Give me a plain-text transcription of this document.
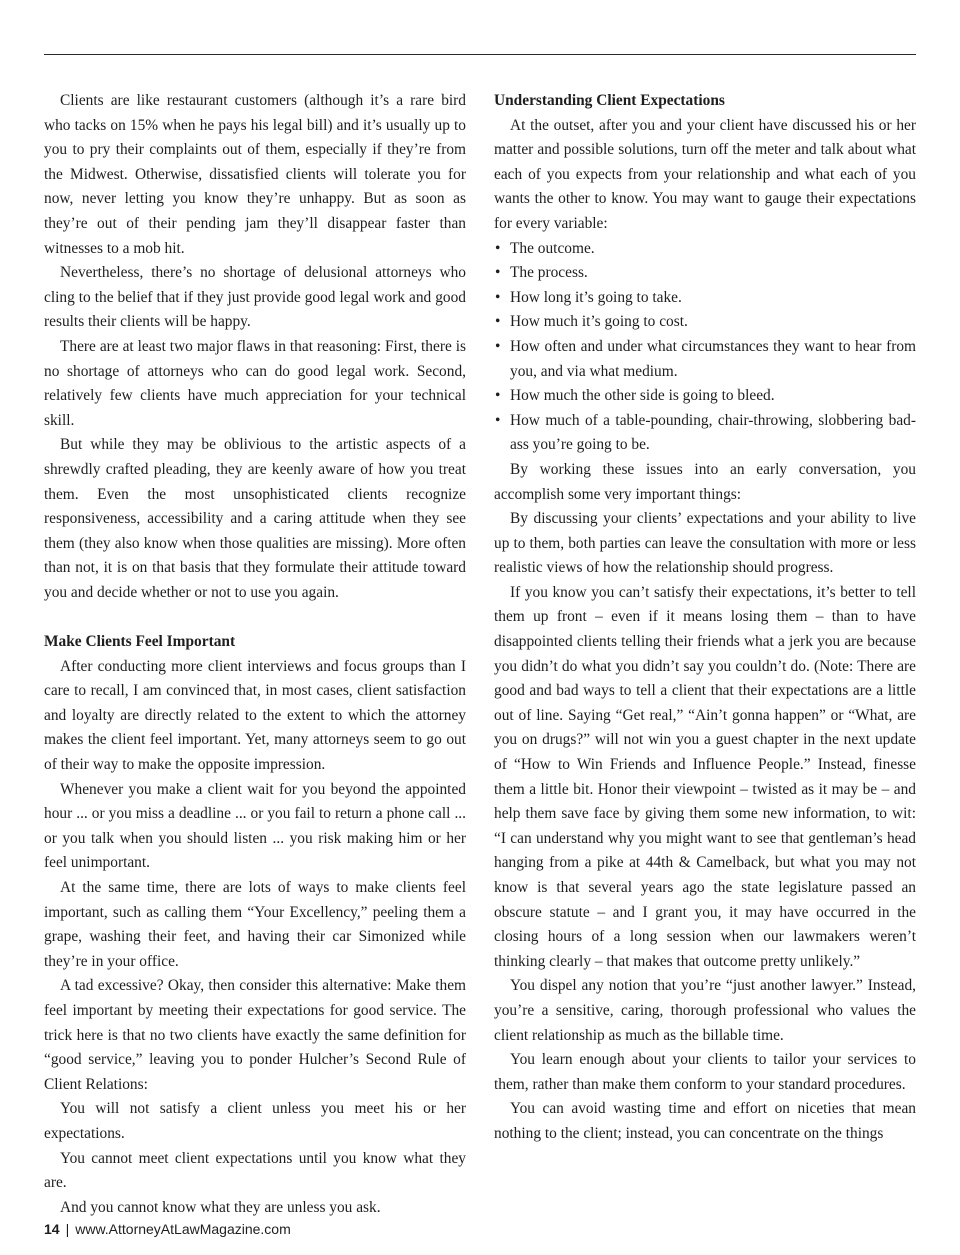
Clients are like restaurant customers (although it’s a rare bird who tacks on 15% when he pays his legal bill) and it’s usually up to you to pry their complaints out of them, especially if they’re from the Midwest. Otherwise, dissatisfied clients will tolerate you for now, never letting you know they’re unhappy. But as soon as they’re out of their pending jam they’ll disappear faster than witnesses to a mob hit.

Nevertheless, there’s no shortage of delusional attorneys who cling to the belief that if they just provide good legal work and good results their clients will be happy.

There are at least two major flaws in that reasoning: First, there is no shortage of attorneys who can do good legal work. Second, relatively few clients have much appreciation for your technical skill.

But while they may be oblivious to the artistic aspects of a shrewdly crafted pleading, they are keenly aware of how you treat them. Even the most unsophisticated clients recognize responsiveness, accessibility and a caring attitude when they see them (they also know when those qualities are missing). More often than not, it is on that basis that they formulate their attitude toward you and decide whether or not to use you again.

Make Clients Feel Important

After conducting more client interviews and focus groups than I care to recall, I am convinced that, in most cases, client satisfaction and loyalty are directly related to the extent to which the attorney makes the client feel important. Yet, many attorneys seem to go out of their way to make the opposite impression.

Whenever you make a client wait for you beyond the appointed hour ... or you miss a deadline ... or you fail to return a phone call ... or you talk when you should listen ... you risk making him or her feel unimportant.

At the same time, there are lots of ways to make clients feel important, such as calling them “Your Excellency,” peeling them a grape, washing their feet, and having their car Simonized while they’re in your office.

A tad excessive? Okay, then consider this alternative: Make them feel important by meeting their expectations for good service. The trick here is that no two clients have exactly the same definition for “good service,” leaving you to ponder Hulcher’s Second Rule of Client Relations:

You will not satisfy a client unless you meet his or her expectations.

You cannot meet client expectations until you know what they are.

And you cannot know what they are unless you ask.

Understanding Client Expectations

At the outset, after you and your client have discussed his or her matter and possible solutions, turn off the meter and talk about what each of you expects from your relationship and what each of you wants the other to know. You may want to gauge their expectations for every variable:

• The outcome.
• The process.
• How long it’s going to take.
• How much it’s going to cost.
• How often and under what circumstances they want to hear from you, and via what medium.
• How much the other side is going to bleed.
• How much of a table-pounding, chair-throwing, slobbering bad-ass you’re going to be.

By working these issues into an early conversation, you accomplish some very important things:

By discussing your clients’ expectations and your ability to live up to them, both parties can leave the consultation with more or less realistic views of how the relationship should progress.

If you know you can’t satisfy their expectations, it’s better to tell them up front – even if it means losing them – than to have disappointed clients telling their friends what a jerk you are because you didn’t do what you didn’t say you couldn’t do. (Note: There are good and bad ways to tell a client that their expectations are a little out of line. Saying “Get real,” “Ain’t gonna happen” or “What, are you on drugs?” will not win you a guest chapter in the next update of “How to Win Friends and Influence People.” Instead, finesse them a little bit. Honor their viewpoint – twisted as it may be – and help them save face by giving them some new information, to wit: “I can understand why you might want to see that gentleman’s head hanging from a pike at 44th & Camelback, but what you may not know is that several years ago the state legislature passed an obscure statute – and I grant you, it may have occurred in the closing hours of a long session when our lawmakers weren’t thinking clearly – that makes that outcome pretty unlikely.”

You dispel any notion that you’re “just another lawyer.” Instead, you’re a sensitive, caring, thorough professional who values the client relationship as much as the billable time.

You learn enough about your clients to tailor your services to them, rather than make them conform to your standard procedures.

You can avoid wasting time and effort on niceties that mean nothing to the client; instead, you can concentrate on the things

14 | www.AttorneyAtLawMagazine.com
